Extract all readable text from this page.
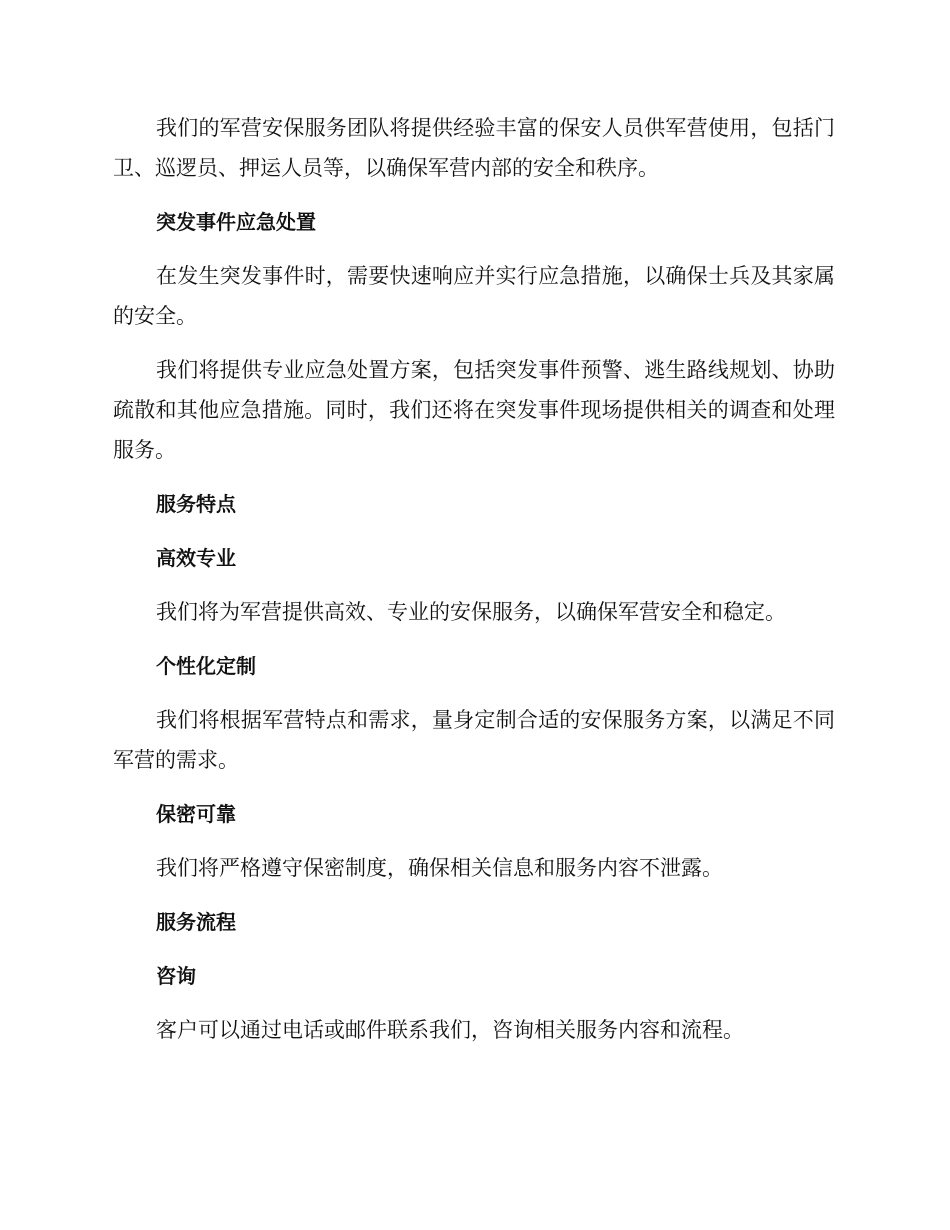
我们的军营安保服务团队将提供经验丰富的保安人员供军营使用，包括门卫、巡逻员、押运人员等，以确保军营内部的安全和秩序。

突发事件应急处置

在发生突发事件时，需要快速响应并实行应急措施，以确保士兵及其家属的安全。

我们将提供专业应急处置方案，包括突发事件预警、逃生路线规划、协助疏散和其他应急措施。同时，我们还将在突发事件现场提供相关的调查和处理服务。

服务特点
高效专业

我们将为军营提供高效、专业的安保服务，以确保军营安全和稳定。

个性化定制

我们将根据军营特点和需求，量身定制合适的安保服务方案，以满足不同军营的需求。

保密可靠

我们将严格遵守保密制度，确保相关信息和服务内容不泄露。

服务流程
咨询

客户可以通过电话或邮件联系我们，咨询相关服务内容和流程。
